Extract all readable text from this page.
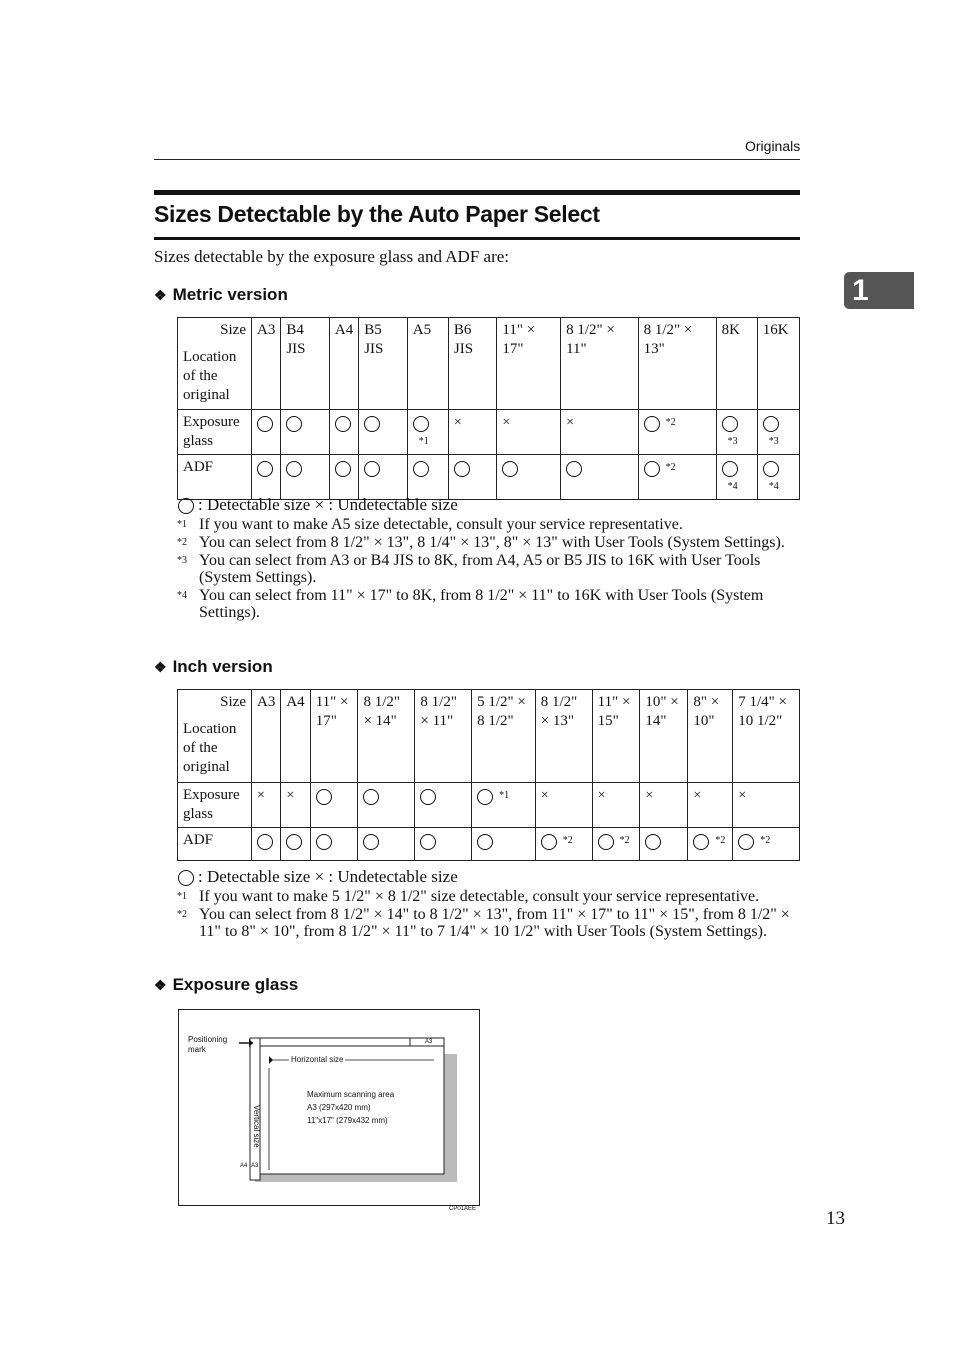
Originals
Sizes Detectable by the Auto Paper Select
Sizes detectable by the exposure glass and ADF are:
1
❖ Metric version
Size
Location of the original	A3	B4 JIS	A4	B5 JIS	A5	B6 JIS	11" × 17"	8 1/2" × 11"	8 1/2" × 13"	8K	16K
Exposure glass					$^{*1}$	×	×	×	$^{*2}$	$^{*3}$	$^{*3}$
ADF									$^{*2}$	$^{*4}$	$^{*4}$
: Detectable size × : Undetectable size
*1 If you want to make A5 size detectable, consult your service representative.
*2 You can select from 8 1/2" × 13", 8 1/4" × 13", 8" × 13" with User Tools (System Settings).
*3 You can select from A3 or B4 JIS to 8K, from A4, A5 or B5 JIS to 16K with User Tools (System Settings).
*4 You can select from 11" × 17" to 8K, from 8 1/2" × 11" to 16K with User Tools (System Settings).
❖ Inch version
Size
Location of the original	A3	A4	11" × 17"	8 1/2" × 14"	8 1/2" × 11"	5 1/2" × 8 1/2"	8 1/2" × 13"	11" × 15"	10" × 14"	8" × 10"	7 1/4" × 10 1/2"
Exposure glass	×	×				$^{*1}$	×	×	×	×	×
ADF							$^{*2}$	$^{*2}$		$^{*2}$	$^{*2}$
: Detectable size × : Undetectable size
*1 If you want to make 5 1/2" × 8 1/2" size detectable, consult your service representative.
*2 You can select from 8 1/2" × 14" to 8 1/2" × 13", from 11" × 17" to 11" × 15", from 8 1/2" × 11" to 8" × 10", from 8 1/2" × 11" to 7 1/4" × 10 1/2" with User Tools (System Settings).
❖ Exposure glass
Positioning mark
Horizontal size
Vertical size
Maximum scanning area
A3 (297x420 mm)
11"x17" (279x432 mm)
A3
A4 A3
CP01AEE	13
